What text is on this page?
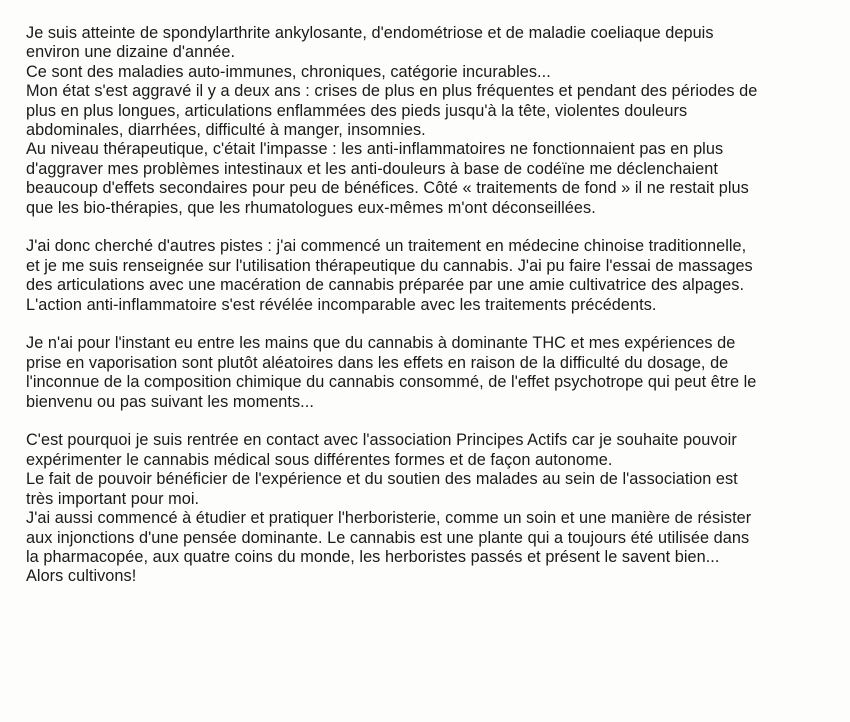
Je suis atteinte de spondylarthrite ankylosante, d'endométriose et de maladie coeliaque depuis
environ une dizaine d'année.
Ce sont des maladies auto-immunes, chroniques, catégorie incurables...
Mon état s'est aggravé il y a deux ans : crises de plus en plus fréquentes et pendant des périodes de
plus en plus longues, articulations enflammées des pieds jusqu'à la tête, violentes douleurs
abdominales, diarrhées, difficulté à manger, insomnies.
Au niveau thérapeutique, c'était l'impasse : les anti-inflammatoires ne fonctionnaient pas en plus
d'aggraver mes problèmes intestinaux et les anti-douleurs à base de codéïne me déclenchaient
beaucoup d'effets secondaires pour peu de bénéfices. Côté « traitements de fond » il ne restait plus
que les bio-thérapies, que les rhumatologues eux-mêmes m'ont déconseillées.
J'ai donc cherché d'autres pistes : j'ai commencé un traitement en médecine chinoise traditionnelle,
et je me suis renseignée sur l'utilisation thérapeutique du cannabis. J'ai pu faire l'essai de massages
des articulations avec une macération de cannabis préparée par une amie cultivatrice des alpages.
L'action anti-inflammatoire s'est révélée incomparable avec les traitements précédents.
Je n'ai pour l'instant eu entre les mains que du cannabis à dominante THC et mes expériences de
prise en vaporisation sont plutôt aléatoires dans les effets en raison de la difficulté du dosage, de
l'inconnue de la composition chimique du cannabis consommé, de l'effet psychotrope qui peut être le
bienvenu ou pas suivant les moments...
C'est pourquoi je suis rentrée en contact avec l'association Principes Actifs car je souhaite pouvoir
expérimenter le cannabis médical sous différentes formes et de façon autonome.
Le fait de pouvoir bénéficier de l'expérience et du soutien des malades au sein de l'association est
très important pour moi.
J'ai aussi commencé à étudier et pratiquer l'herboristerie, comme un soin et une manière de résister
aux injonctions d'une pensée dominante. Le cannabis est une plante qui a toujours été utilisée dans
la pharmacopée, aux quatre coins du monde, les herboristes passés et présent le savent bien...
Alors cultivons!
